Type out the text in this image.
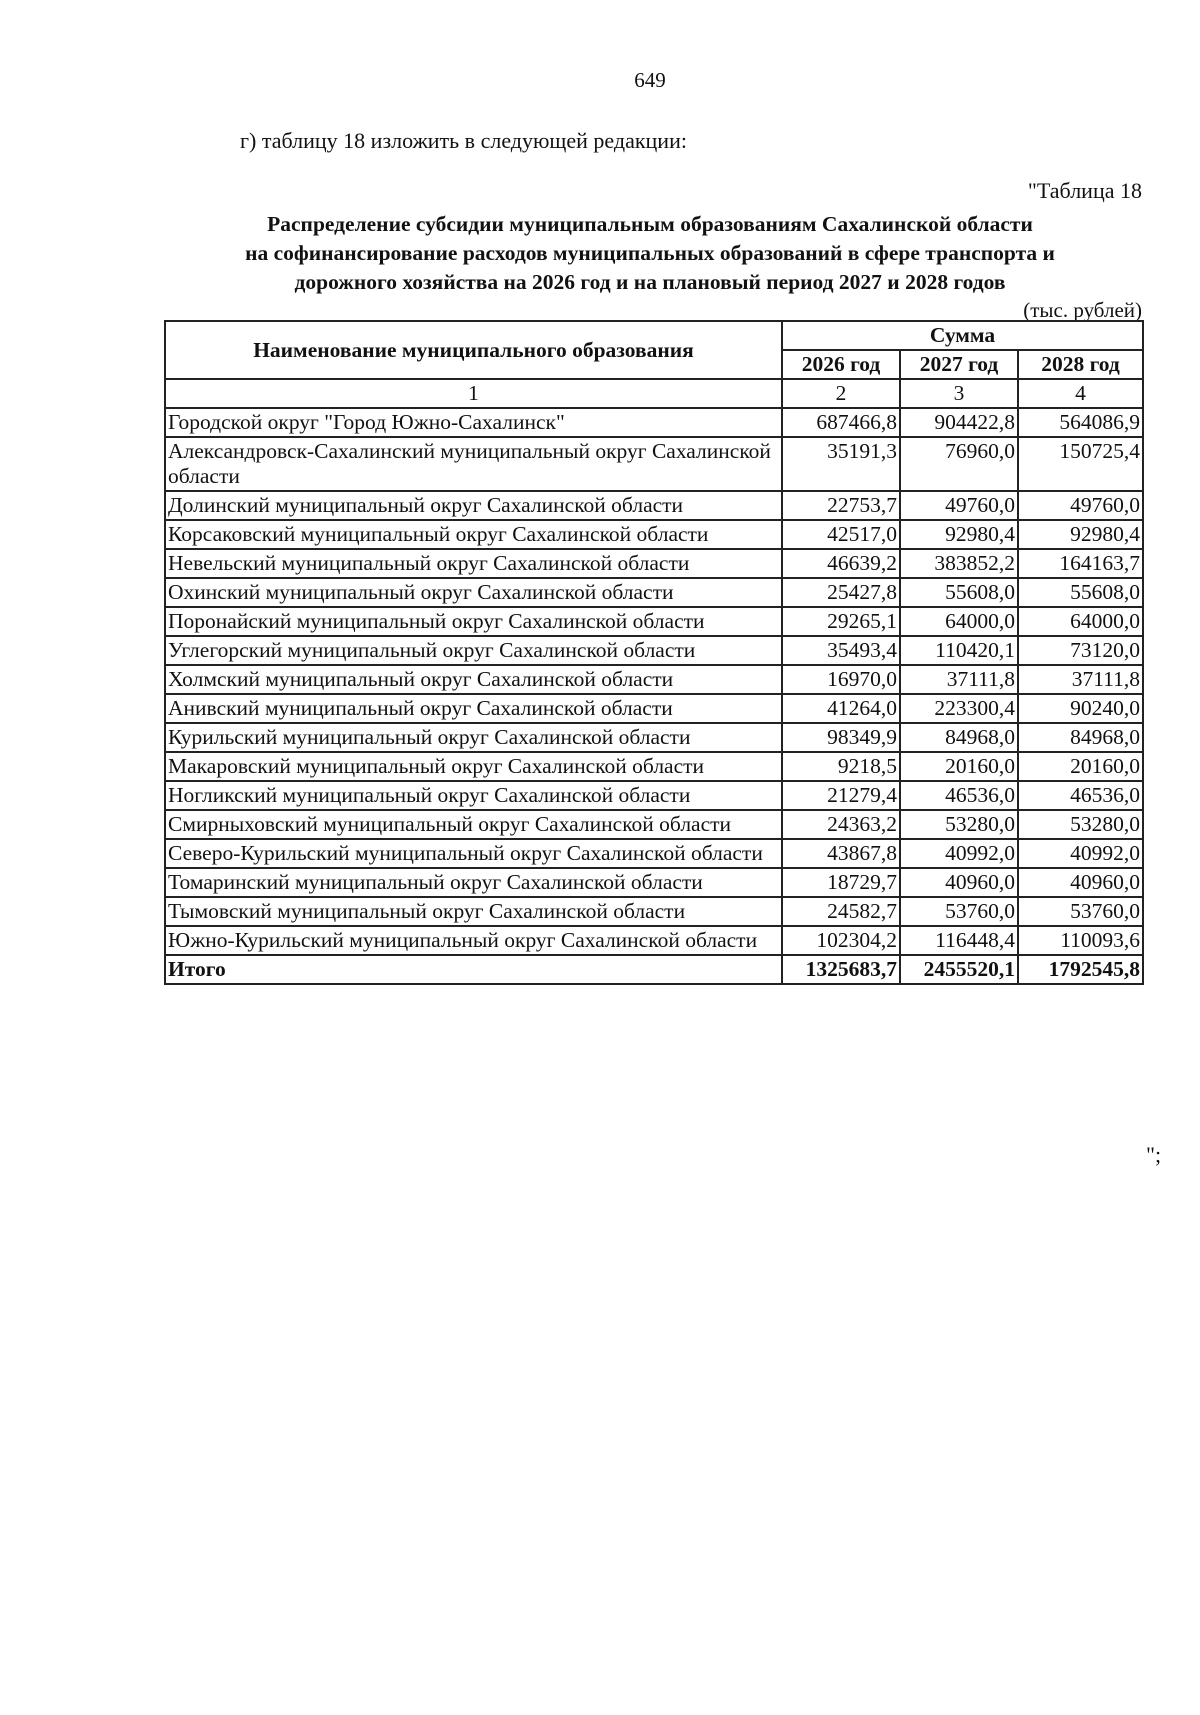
649
г) таблицу 18 изложить в следующей редакции:
"Таблица 18
Распределение субсидии муниципальным образованиям Сахалинской области
на софинансирование расходов муниципальных образований в сфере транспорта и
дорожного хозяйства на 2026 год и на плановый период 2027 и 2028 годов
(тыс. рублей)
Наименование муниципального образования	Сумма		
	2026 год	2027 год	2028 год
1	2	3	4
Городской округ "Город Южно-Сахалинск"	687466,8	904422,8	564086,9
Александровск-Сахалинский муниципальный округ Сахалинской области	35191,3	76960,0	150725,4
Долинский муниципальный округ Сахалинской области	22753,7	49760,0	49760,0
Корсаковский муниципальный округ Сахалинской области	42517,0	92980,4	92980,4
Невельский муниципальный округ Сахалинской области	46639,2	383852,2	164163,7
Охинский муниципальный округ Сахалинской области	25427,8	55608,0	55608,0
Поронайский муниципальный округ Сахалинской области	29265,1	64000,0	64000,0
Углегорский муниципальный округ Сахалинской области	35493,4	110420,1	73120,0
Холмский муниципальный округ Сахалинской области	16970,0	37111,8	37111,8
Анивский муниципальный округ Сахалинской области	41264,0	223300,4	90240,0
Курильский муниципальный округ Сахалинской области	98349,9	84968,0	84968,0
Макаровский муниципальный округ Сахалинской области	9218,5	20160,0	20160,0
Ногликский муниципальный округ Сахалинской области	21279,4	46536,0	46536,0
Смирныховский муниципальный округ Сахалинской области	24363,2	53280,0	53280,0
Северо-Курильский муниципальный округ Сахалинской области	43867,8	40992,0	40992,0
Томаринский муниципальный округ Сахалинской области	18729,7	40960,0	40960,0
Тымовский муниципальный округ Сахалинской области	24582,7	53760,0	53760,0
Южно-Курильский муниципальный округ Сахалинской области	102304,2	116448,4	110093,6
Итого	1325683,7	2455520,1	1792545,8
";
